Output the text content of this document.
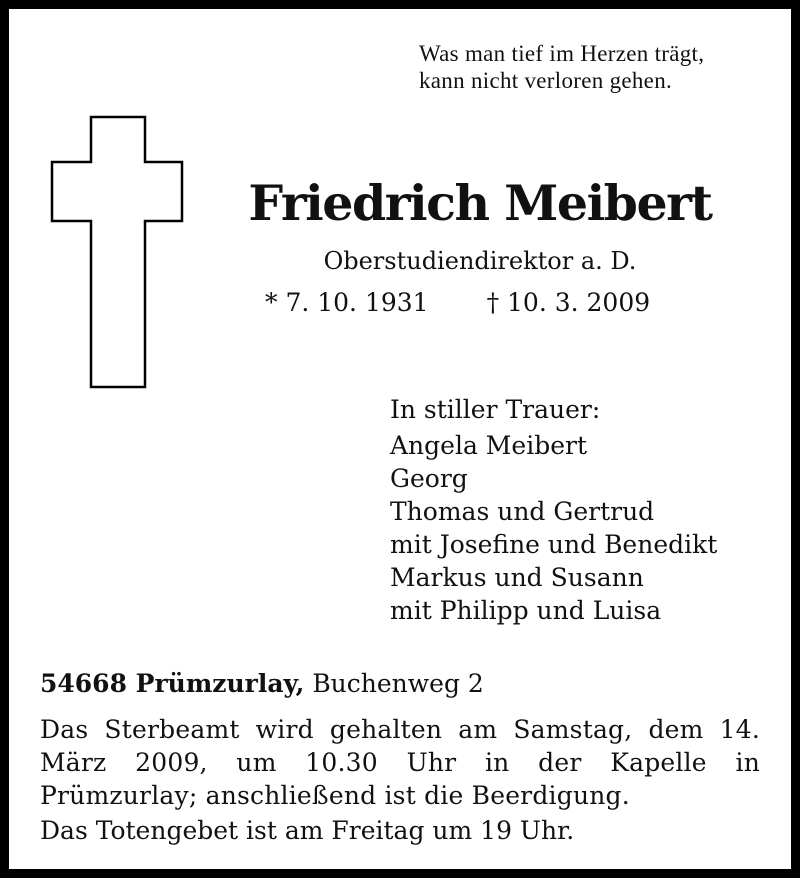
Was man tief im Herzen trägt,
kann nicht verloren gehen.
Friedrich Meibert
Oberstudiendirektor a. D.
* 7. 10. 1931 † 10. 3. 2009
In stiller Trauer:
Angela Meibert
Georg
Thomas und Gertrud
mit Josefine und Benedikt
Markus und Susann
mit Philipp und Luisa
54668 Prümzurlay, Buchenweg 2
Das Sterbeamt wird gehalten am Samstag, dem 14. März 2009, um 10.30 Uhr in der Kapelle in Prümzurlay; anschließend ist die Beerdigung.
Das Totengebet ist am Freitag um 19 Uhr.
